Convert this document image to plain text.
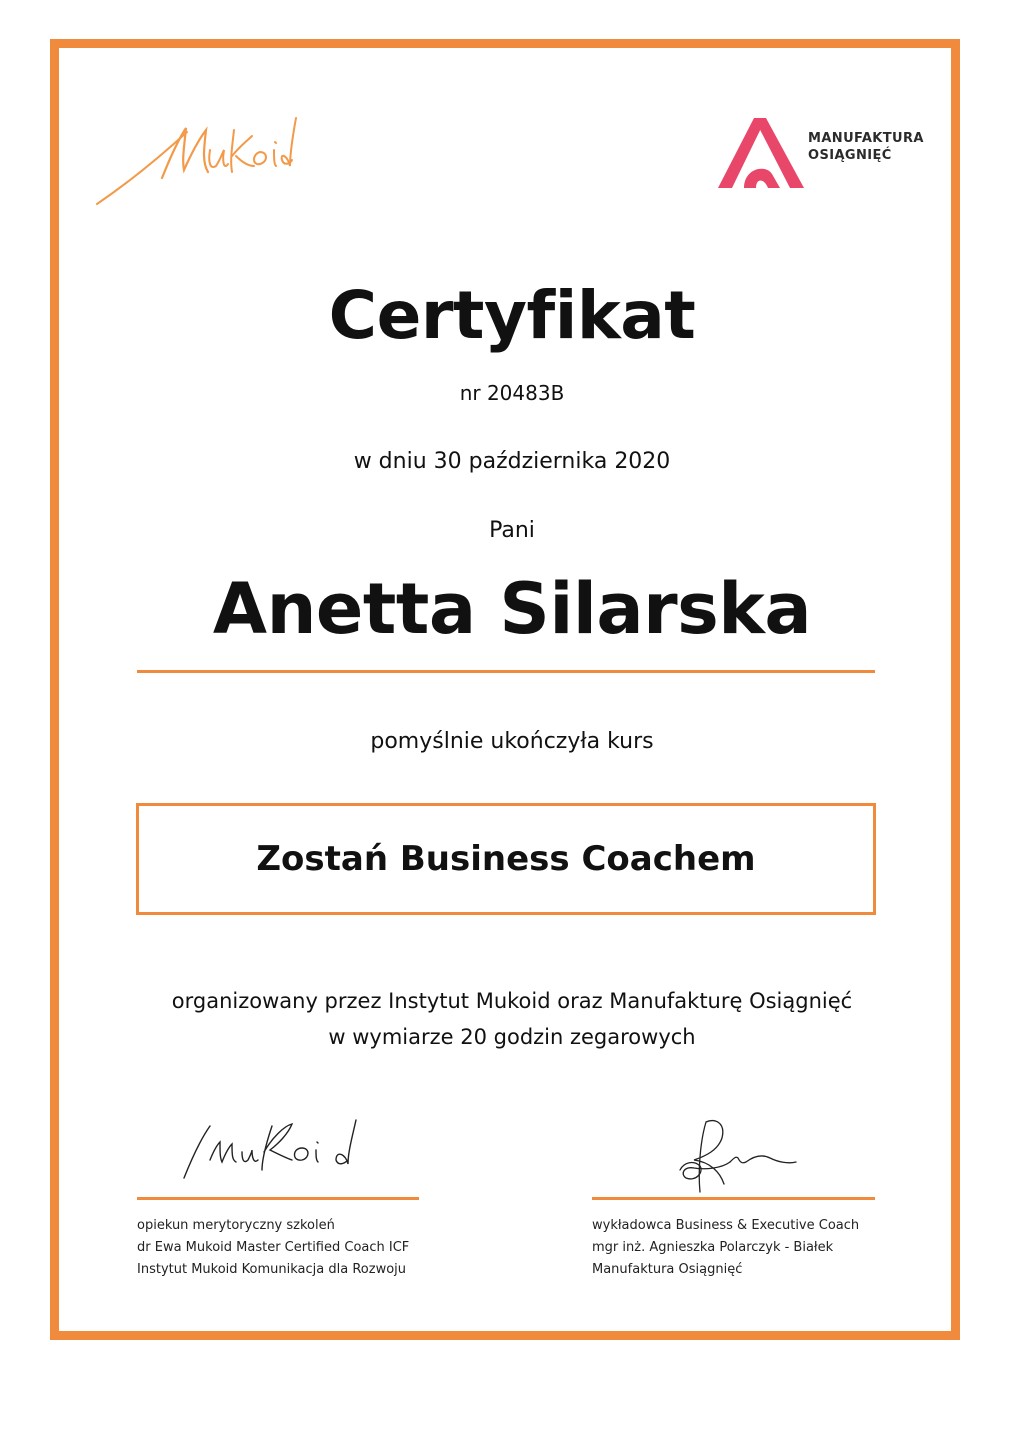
MANUFAKTURA
OSIĄGNIĘĆ
Certyfikat
nr 20483B
w dniu 30 października 2020
Pani
Anetta Silarska
pomyślnie ukończyła kurs
Zostań Business Coachem
organizowany przez Instytut Mukoid oraz Manufakturę Osiągnięć
w wymiarze 20 godzin zegarowych
opiekun merytoryczny szkoleń
dr Ewa Mukoid Master Certified Coach ICF
Instytut Mukoid Komunikacja dla Rozwoju
wykładowca Business & Executive Coach
mgr inż. Agnieszka Polarczyk - Białek
Manufaktura Osiągnięć
